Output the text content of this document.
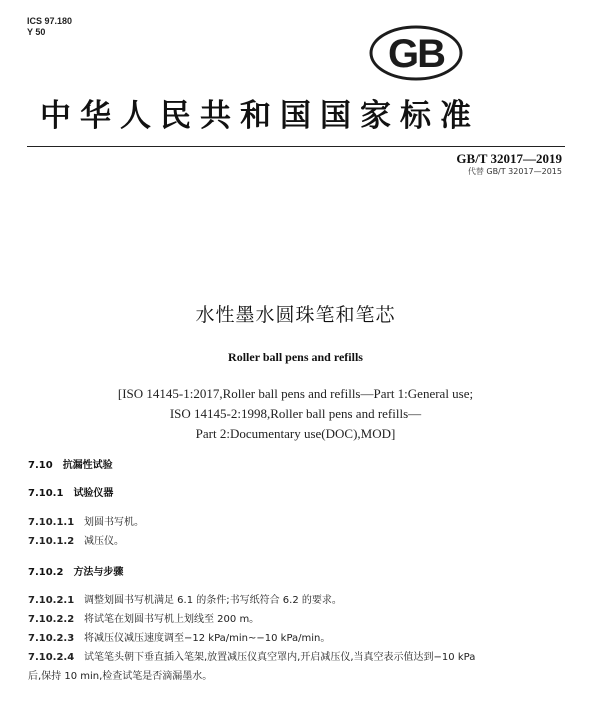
ICS 97.180
Y 50	GB
中华人民共和国国家标准
GB/T 32017—2019
代替 GB/T 32017—2015
水性墨水圆珠笔和笔芯
Roller ball pens and refills
[ISO 14145-1:2017,Roller ball pens and refills—Part 1:General use;
ISO 14145-2:1998,Roller ball pens and refills—
Part 2:Documentary use(DOC),MOD]
7.10 抗漏性试验
7.10.1 试验仪器
7.10.1.1 划圆书写机。
7.10.1.2 减压仪。
7.10.2 方法与步骤
7.10.2.1 调整划圆书写机满足 6.1 的条件;书写纸符合 6.2 的要求。
7.10.2.2 将试笔在划圆书写机上划线至 200 m。
7.10.2.3 将减压仪减压速度调至−12 kPa/min~−10 kPa/min。
7.10.2.4 试笔笔头朝下垂直插入笔架,放置减压仪真空罩内,开启减压仪,当真空表示值达到−10 kPa
后,保持 10 min,检查试笔是否滴漏墨水。
